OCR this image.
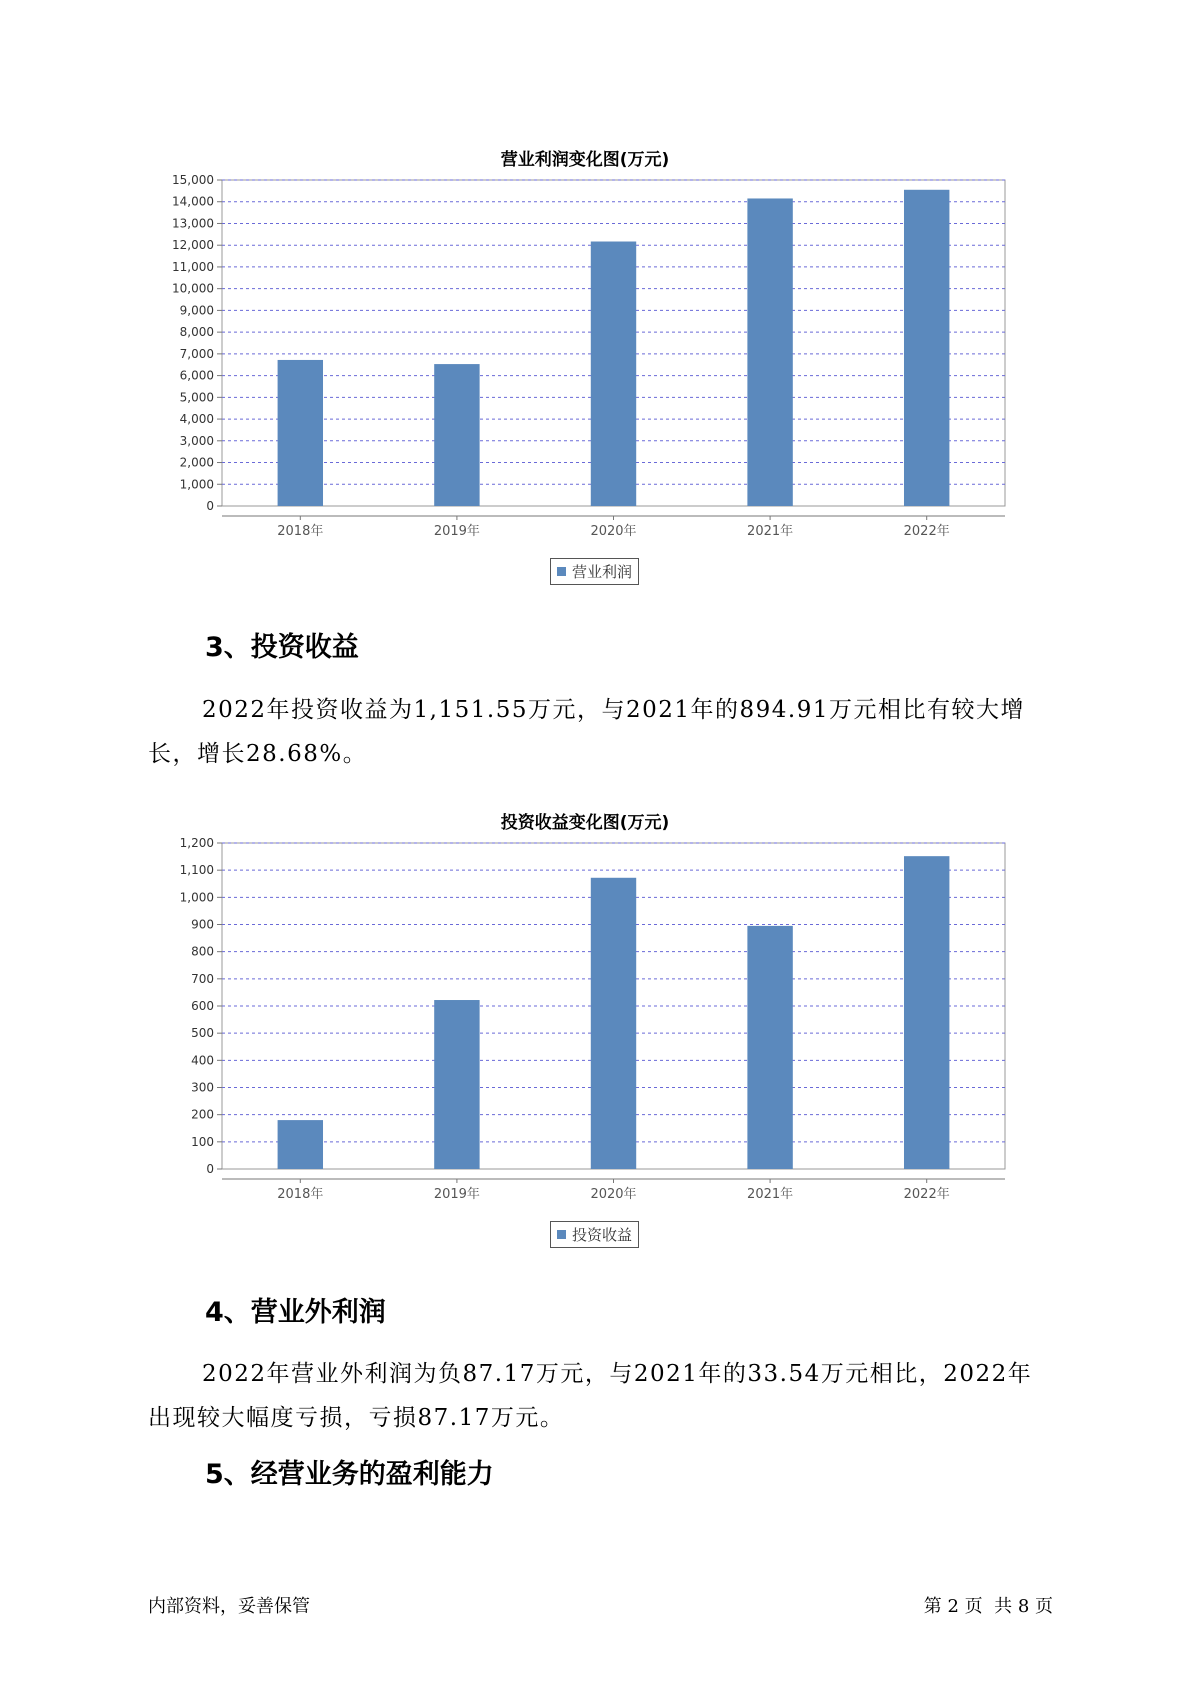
营业利润变化图(万元)
0
1,000
2,000
3,000
4,000
5,000
6,000
7,000
8,000
9,000
10,000
11,000
12,000
13,000
14,000
15,000
2018年	2019年	2020年	2021年	2022年
营业利润
3、投资收益

2022年投资收益为1,151.55万元，与2021年的894.91万元相比有较大增长，增长28.68%。

投资收益变化图(万元)
0
100
200
300
400
500
600
700
800
900
1,000
1,100
1,200
2018年	2019年	2020年	2021年	2022年
投资收益
4、营业外利润

2022年营业外利润为负87.17万元，与2021年的33.54万元相比，2022年出现较大幅度亏损，亏损87.17万元。

5、经营业务的盈利能力
内部资料，妥善保管	第 2 页  共 8 页
